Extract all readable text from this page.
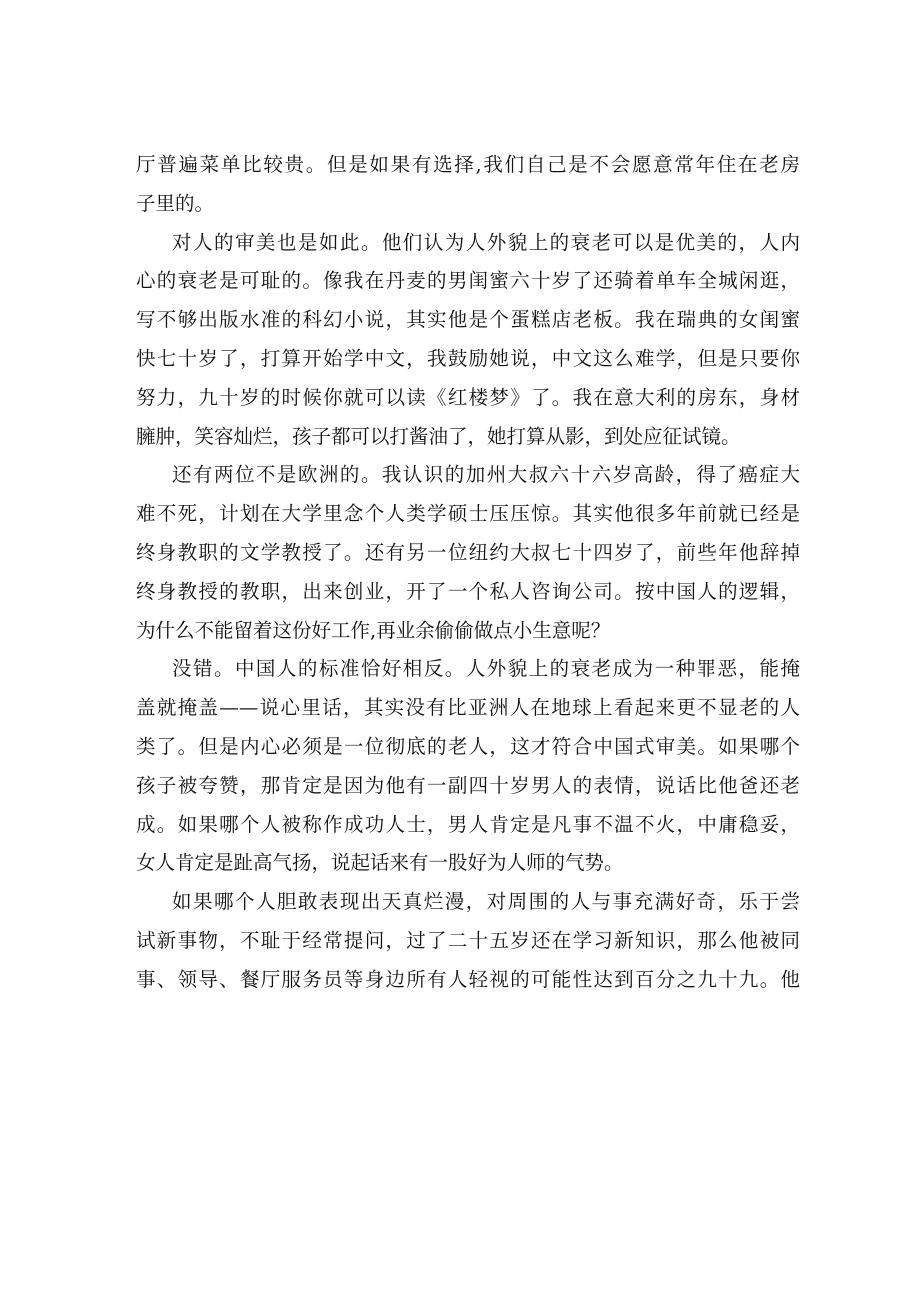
厅普遍菜单比较贵。但是如果有选择,我们自己是不会愿意常年住在老房
子里的。
对人的审美也是如此。他们认为人外貌上的衰老可以是优美的，人内
心的衰老是可耻的。像我在丹麦的男闺蜜六十岁了还骑着单车全城闲逛，
写不够出版水准的科幻小说，其实他是个蛋糕店老板。我在瑞典的女闺蜜
快七十岁了，打算开始学中文，我鼓励她说，中文这么难学，但是只要你
努力，九十岁的时候你就可以读《红楼梦》了。我在意大利的房东，身材
臃肿，笑容灿烂，孩子都可以打酱油了，她打算从影，到处应征试镜。
还有两位不是欧洲的。我认识的加州大叔六十六岁高龄，得了癌症大
难不死，计划在大学里念个人类学硕士压压惊。其实他很多年前就已经是
终身教职的文学教授了。还有另一位纽约大叔七十四岁了，前些年他辞掉
终身教授的教职，出来创业，开了一个私人咨询公司。按中国人的逻辑，
为什么不能留着这份好工作,再业余偷偷做点小生意呢？
没错。中国人的标准恰好相反。人外貌上的衰老成为一种罪恶，能掩
盖就掩盖——说心里话，其实没有比亚洲人在地球上看起来更不显老的人
类了。但是内心必须是一位彻底的老人，这才符合中国式审美。如果哪个
孩子被夸赞，那肯定是因为他有一副四十岁男人的表情，说话比他爸还老
成。如果哪个人被称作成功人士，男人肯定是凡事不温不火，中庸稳妥，
女人肯定是趾高气扬，说起话来有一股好为人师的气势。
如果哪个人胆敢表现出天真烂漫，对周围的人与事充满好奇，乐于尝
试新事物，不耻于经常提问，过了二十五岁还在学习新知识，那么他被同
事、领导、餐厅服务员等身边所有人轻视的可能性达到百分之九十九。他
